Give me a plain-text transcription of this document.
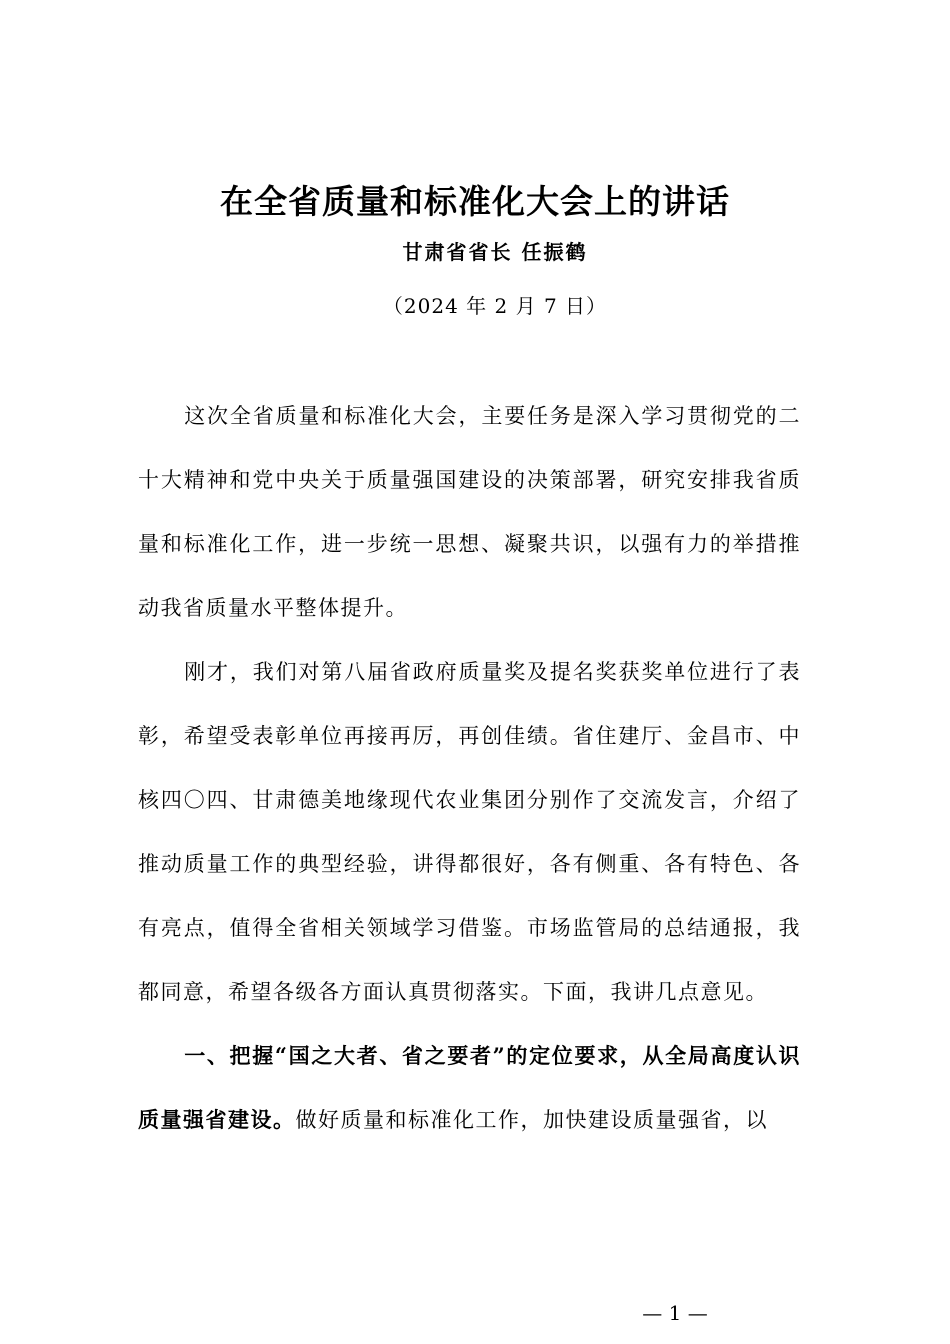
在全省质量和标准化大会上的讲话
甘肃省省长 任振鹤
（2024 年 2 月 7 日）

这次全省质量和标准化大会，主要任务是深入学习贯彻党的二十大精神和党中央关于质量强国建设的决策部署，研究安排我省质量和标准化工作，进一步统一思想、凝聚共识，以强有力的举措推动我省质量水平整体提升。

刚才，我们对第八届省政府质量奖及提名奖获奖单位进行了表彰，希望受表彰单位再接再厉，再创佳绩。省住建厅、金昌市、中核四〇四、甘肃德美地缘现代农业集团分别作了交流发言，介绍了推动质量工作的典型经验，讲得都很好，各有侧重、各有特色、各有亮点，值得全省相关领域学习借鉴。市场监管局的总结通报，我都同意，希望各级各方面认真贯彻落实。下面，我讲几点意见。

一、把握“国之大者、省之要者”的定位要求，从全局高度认识质量强省建设。做好质量和标准化工作，加快建设质量强省，以

— 1 —
